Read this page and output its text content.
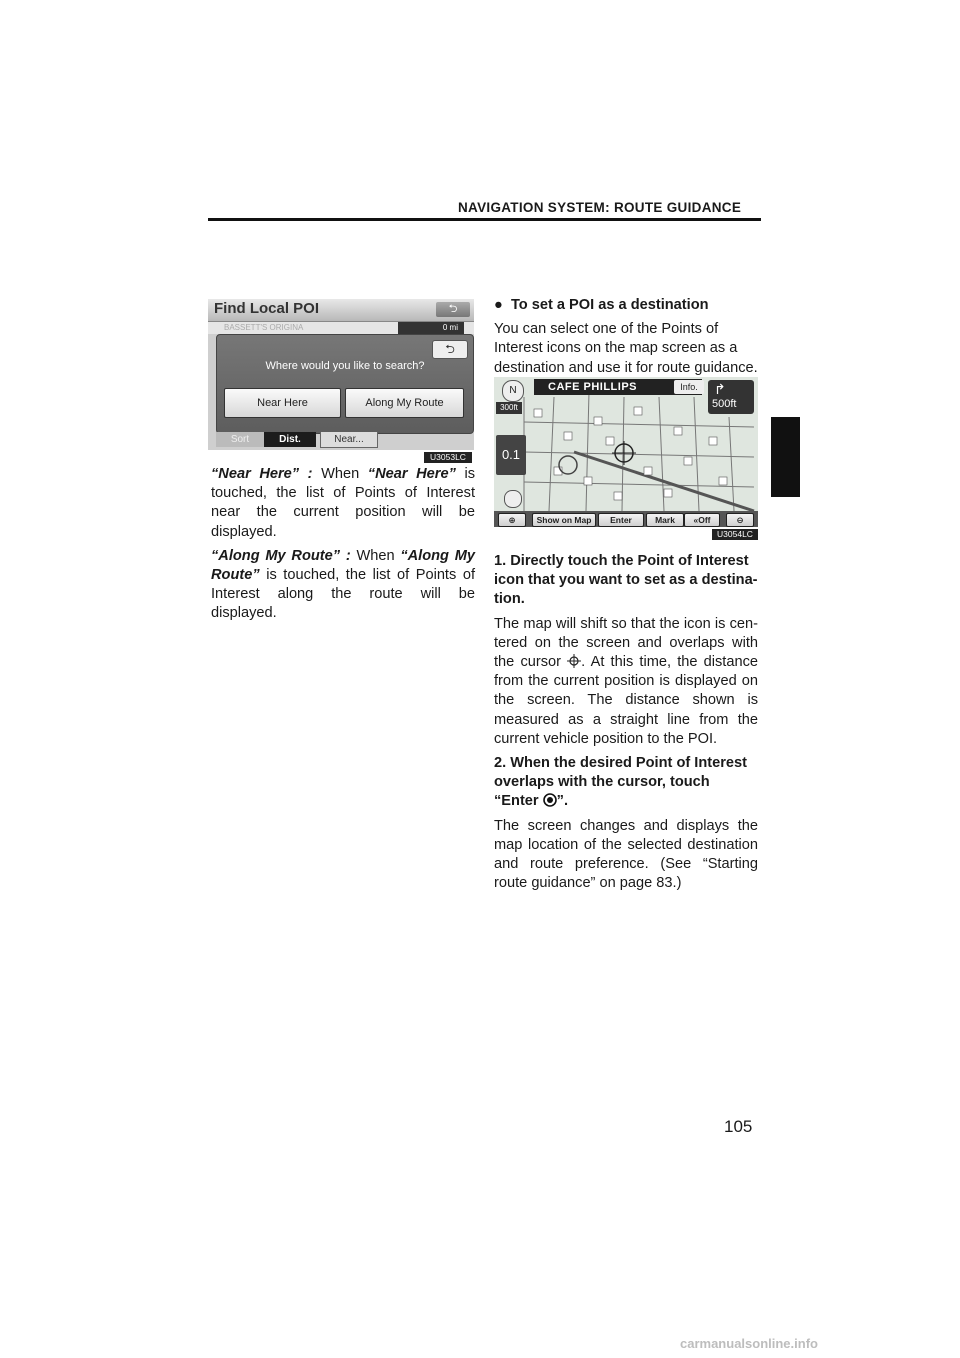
NAVIGATION SYSTEM: ROUTE GUIDANCE
Find Local POI	⮌
BASSETT'S ORIGINA	0 mi
⮌
Where would you like to search?
Near Here	Along My Route
Sort	Dist.	Near...
U3053LC

“Near Here” : When “Near Here” is touched, the list of Points of Interest near the current position will be displayed.

“Along My Route” : When “Along My Route” is touched, the list of Points of Interest along the route will be displayed.

● To set a POI as a destination

You can select one of the Points of Interest icons on the map screen as a destination and use it for route guidance.

N
300ft
0.1
CAFE PHILLIPS	Info.	↱
500ft
⊕	Show on Map	Enter	Mark	«Off	⊖
U3054LC

1. Directly touch the Point of Interest icon that you want to set as a destina-tion.

The map will shift so that the icon is cen-tered on the screen and overlaps with the cursor . At this time, the distance from the current position is displayed on the screen. The distance shown is measured as a straight line from the current vehicle position to the POI.

2. When the desired Point of Interest overlaps with the cursor, touch “Enter ”.

The screen changes and displays the map location of the selected destination and route preference. (See “Starting route guidance” on page 83.)

105
carmanualsonline.info
